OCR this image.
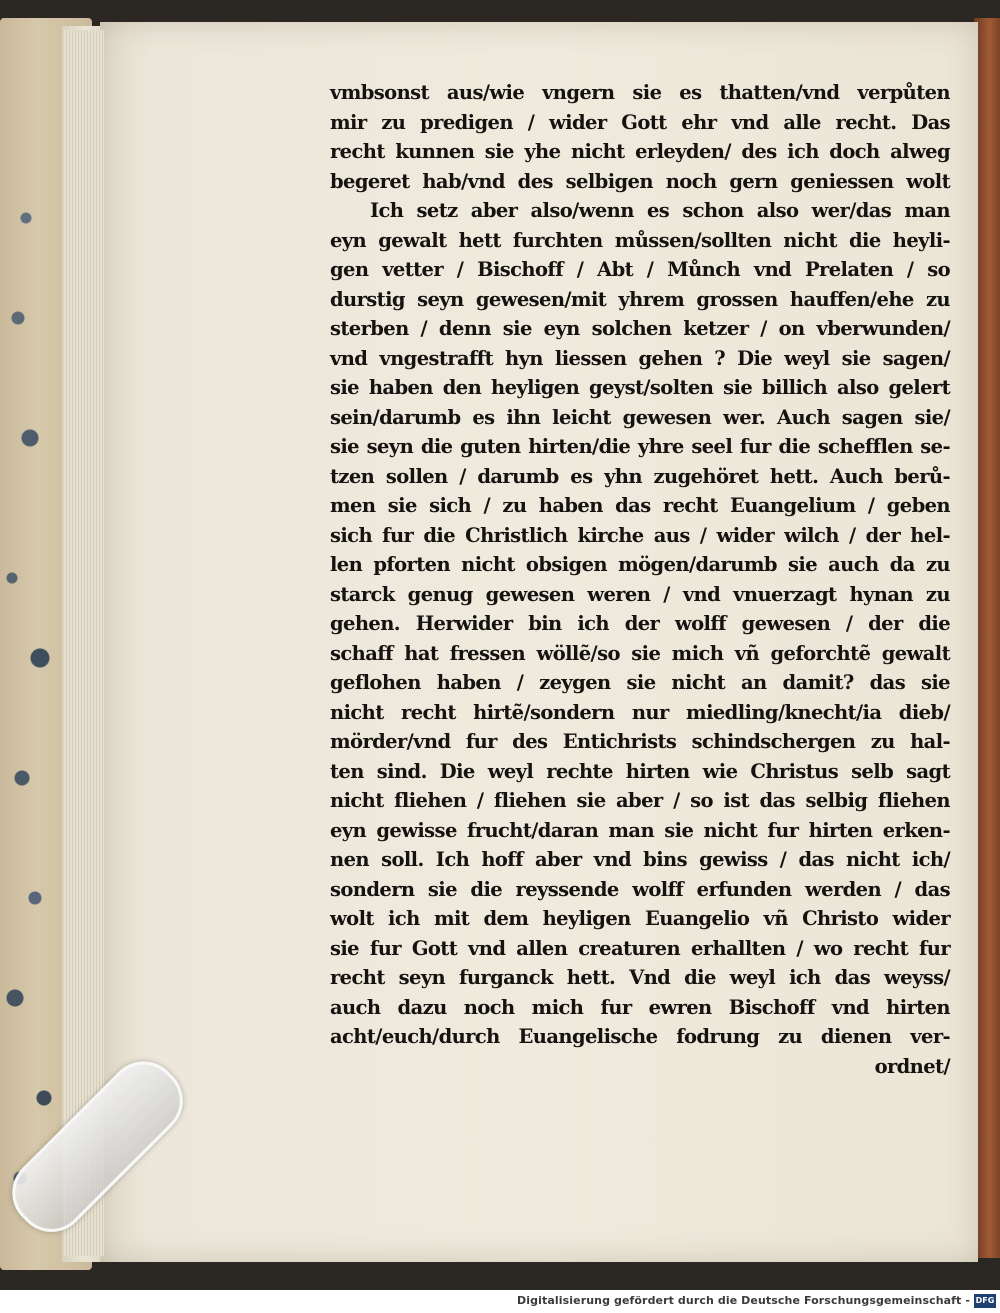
vmbsonst aus/wie vngern sie es thatten/vnd verpůten
mir zu predigen / wider Gott ehr vnd alle recht. Das
recht kunnen sie yhe nicht erleyden/ des ich doch alweg
begeret hab/vnd des selbigen noch gern geniessen wolt
Ich setz aber also/wenn es schon also wer/das man
eyn gewalt hett furchten můssen/sollten nicht die heyli-
gen vetter / Bischoff / Abt / Můnch vnd Prelaten / so
durstig seyn gewesen/mit yhrem grossen hauffen/ehe zu
sterben / denn sie eyn solchen ketzer / on vberwunden/
vnd vngestrafft hyn liessen gehen ? Die weyl sie sagen/
sie haben den heyligen geyst/solten sie billich also gelert
sein/darumb es ihn leicht gewesen wer. Auch sagen sie/
sie seyn die guten hirten/die yhre seel fur die schefflen se-
tzen sollen / darumb es yhn zugehöret hett. Auch berů-
men sie sich / zu haben das recht Euangelium / geben
sich fur die Christlich kirche aus / wider wilch / der hel-
len pforten nicht obsigen mögen/darumb sie auch da zu
starck genug gewesen weren / vnd vnuerzagt hynan zu
gehen. Herwider bin ich der wolff gewesen / der die
schaff hat fressen wöllẽ/so sie mich vñ geforchtẽ gewalt
geflohen haben / zeygen sie nicht an damit? das sie
nicht recht hirtẽ/sondern nur miedling/knecht/ia dieb/
mörder/vnd fur des Entichrists schindschergen zu hal-
ten sind. Die weyl rechte hirten wie Christus selb sagt
nicht fliehen / fliehen sie aber / so ist das selbig fliehen
eyn gewisse frucht/daran man sie nicht fur hirten erken-
nen soll. Ich hoff aber vnd bins gewiss / das nicht ich/
sondern sie die reyssende wolff erfunden werden / das
wolt ich mit dem heyligen Euangelio vñ Christo wider
sie fur Gott vnd allen creaturen erhallten / wo recht fur
recht seyn furganck hett. Vnd die weyl ich das weyss/
auch dazu noch mich fur ewren Bischoff vnd hirten
acht/euch/durch Euangelische fodrung zu dienen ver-
ordnet/
Digitalisierung gefördert durch die Deutsche Forschungsgemeinschaft - DFG
